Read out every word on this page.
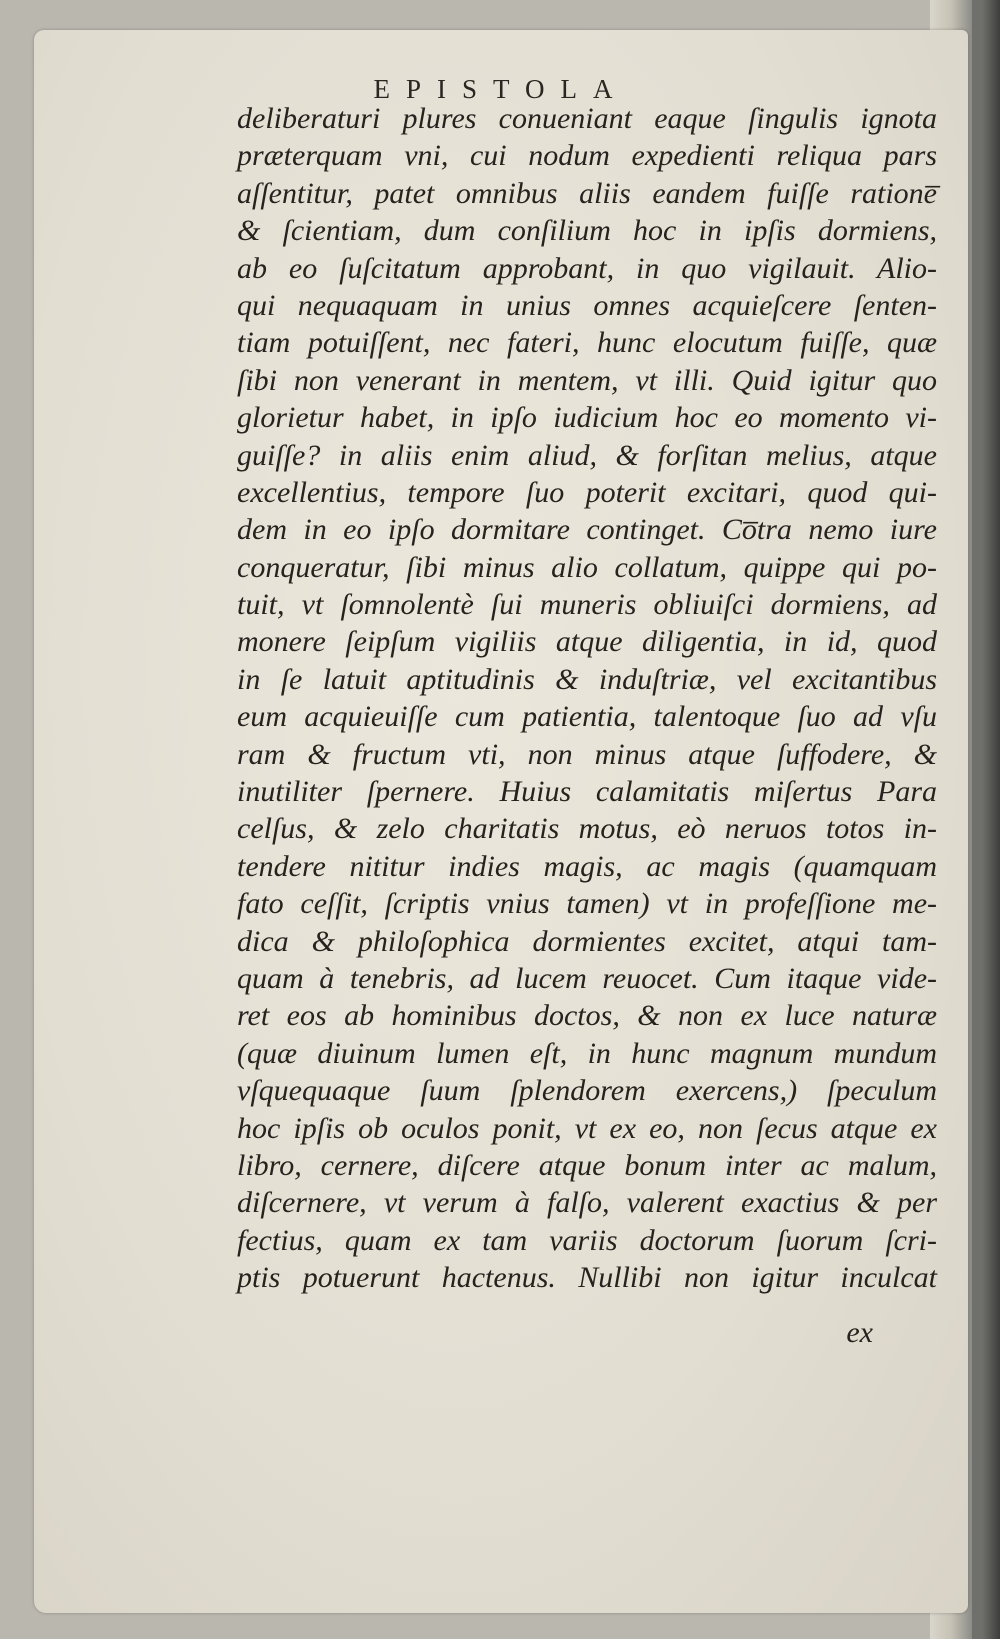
EPISTOLA
deliberaturi plures conueniant eaque ſingulis ignota
præterquam vni, cui nodum expedienti reliqua pars
aſſentitur, patet omnibus aliis eandem fuiſſe ratione̅
& ſcientiam, dum conſilium hoc in ipſis dormiens,
ab eo ſuſcitatum approbant, in quo vigilauit. Alio-
qui nequaquam in unius omnes acquieſcere ſenten-
tiam potuiſſent, nec fateri, hunc elocutum fuiſſe, quæ
ſibi non venerant in mentem, vt illi. Quid igitur quo
glorietur habet, in ipſo iudicium hoc eo momento vi-
guiſſe? in aliis enim aliud, & forſitan melius, atque
excellentius, tempore ſuo poterit excitari, quod qui-
dem in eo ipſo dormitare continget. Co̅tra nemo iure
conqueratur, ſibi minus alio collatum, quippe qui po-
tuit, vt ſomnolentè ſui muneris obliuiſci dormiens, ad
monere ſeipſum vigiliis atque diligentia, in id, quod
in ſe latuit aptitudinis & induſtriæ, vel excitantibus
eum acquieuiſſe cum patientia, talentoque ſuo ad vſu
ram & fructum vti, non minus atque ſuffodere, &
inutiliter ſpernere. Huius calamitatis miſertus Para
celſus, & zelo charitatis motus, eò neruos totos in-
tendere nititur indies magis, ac magis (quamquam
fato ceſſit, ſcriptis vnius tamen) vt in profeſſione me-
dica & philoſophica dormientes excitet, atqui tam-
quam à tenebris, ad lucem reuocet. Cum itaque vide-
ret eos ab hominibus doctos, & non ex luce naturæ
(quæ diuinum lumen eſt, in hunc magnum mundum
vſquequaque ſuum ſplendorem exercens,) ſpeculum
hoc ipſis ob oculos ponit, vt ex eo, non ſecus atque ex
libro, cernere, diſcere atque bonum inter ac malum,
diſcernere, vt verum à falſo, valerent exactius & per
fectius, quam ex tam variis doctorum ſuorum ſcri-
ptis potuerunt hactenus. Nullibi non igitur inculcat
ex
